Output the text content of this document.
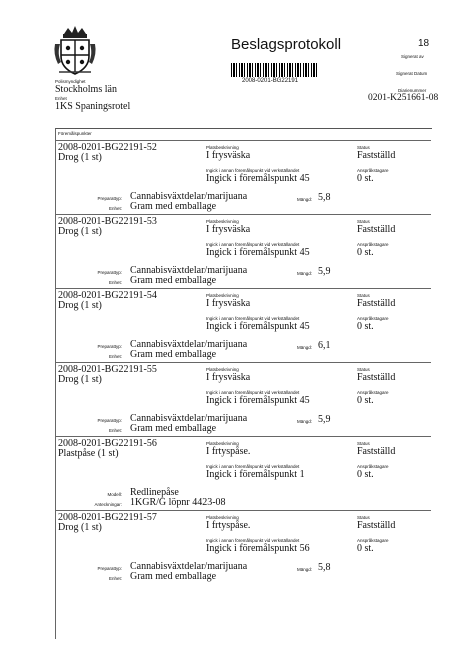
Polismyndighet
Stockholms län
Enhet
1KS Spaningsrotel
Beslagsprotokoll	18
Signerat av
Signerat Datum
2008-0201-BG22191
Diarienummer
0201-K251661-08
Föremålspunkter
2008-0201-BG22191-52
Drog (1 st)
Platsbeskrivning
I frysväska
Ingick i annan föremålspunkt vid verkställandet
Ingick i föremålspunkt 45
Status
Fastställd
Anspråkstagare
0 st.
Preparattyp: Cannabisväxtdelar/marijuana
Enhet: Gram med emballage
Mängd: 5,8
2008-0201-BG22191-53
Drog (1 st)
Platsbeskrivning
I frysväska
Ingick i annan föremålspunkt vid verkställandet
Ingick i föremålspunkt 45
Status
Fastställd
Anspråkstagare
0 st.
Preparattyp: Cannabisväxtdelar/marijuana
Enhet: Gram med emballage
Mängd: 5,9
2008-0201-BG22191-54
Drog (1 st)
Platsbeskrivning
I frysväska
Ingick i annan föremålspunkt vid verkställandet
Ingick i föremålspunkt 45
Status
Fastställd
Anspråkstagare
0 st.
Preparattyp: Cannabisväxtdelar/marijuana
Enhet: Gram med emballage
Mängd: 6,1
2008-0201-BG22191-55
Drog (1 st)
Platsbeskrivning
I frysväska
Ingick i annan föremålspunkt vid verkställandet
Ingick i föremålspunkt 45
Status
Fastställd
Anspråkstagare
0 st.
Preparattyp: Cannabisväxtdelar/marijuana
Enhet: Gram med emballage
Mängd: 5,9
2008-0201-BG22191-56
Plastpåse (1 st)
Platsbeskrivning
I frtyspåse.
Ingick i annan föremålspunkt vid verkställandet
Ingick i föremålspunkt 1
Status
Fastställd
Anspråkstagare
0 st.
Modell: Redlinepåse
Anteckningar: 1KGR/G löpnr 4423-08
2008-0201-BG22191-57
Drog (1 st)
Platsbeskrivning
I frtyspåse.
Ingick i annan föremålspunkt vid verkställandet
Ingick i föremålspunkt 56
Status
Fastställd
Anspråkstagare
0 st.
Preparattyp: Cannabisväxtdelar/marijuana
Enhet: Gram med emballage
Mängd: 5,8
